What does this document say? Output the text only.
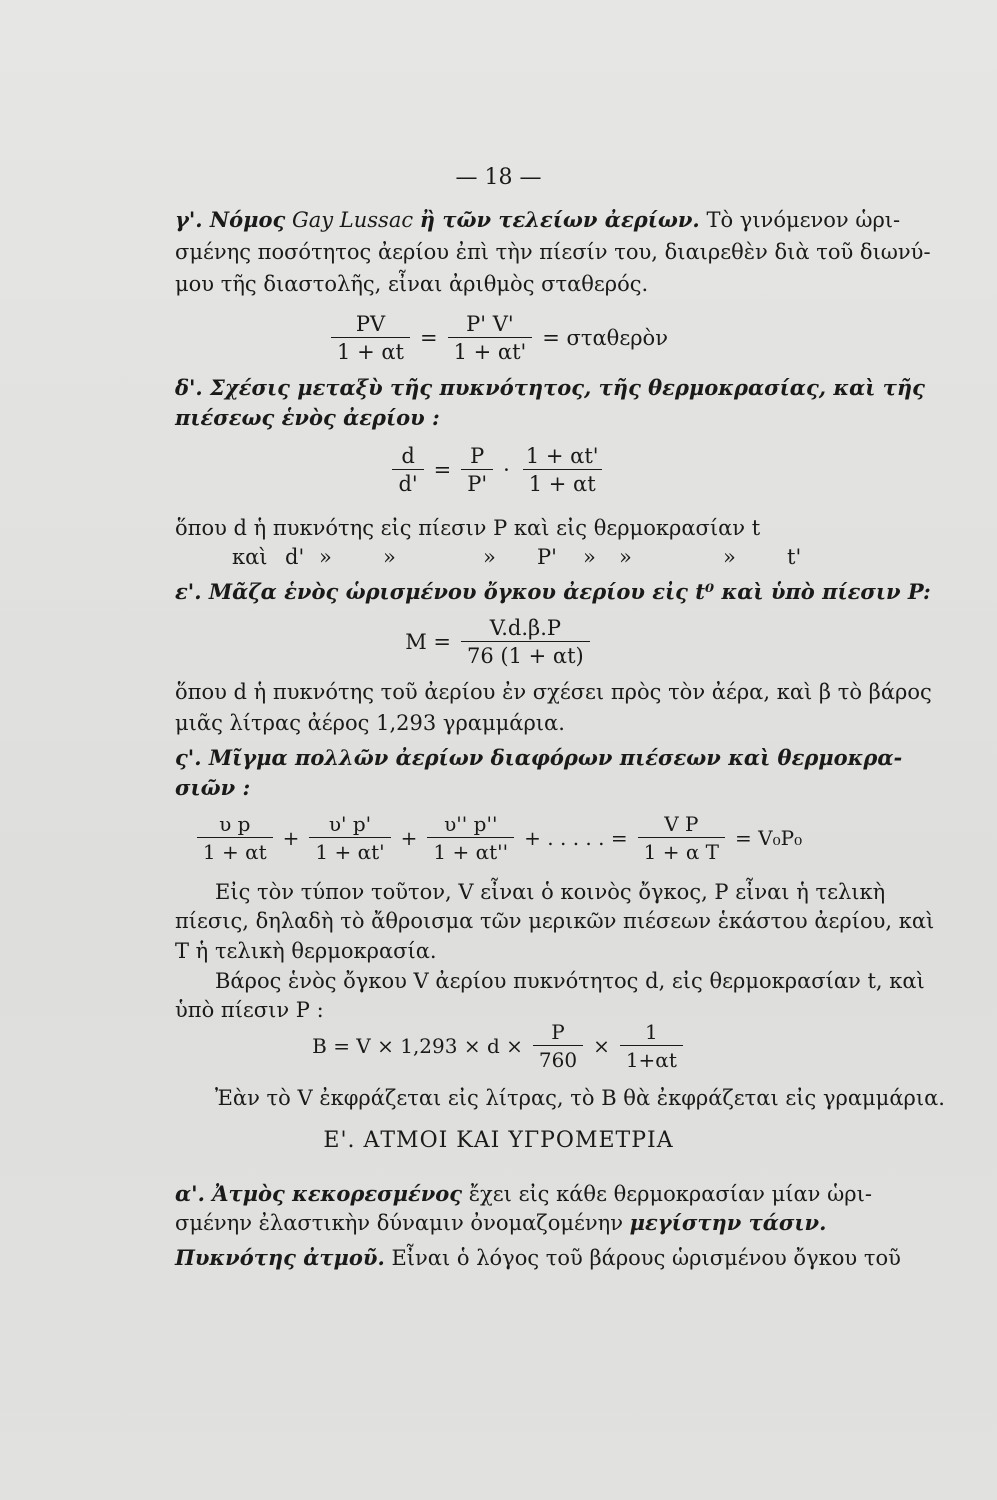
— 18 —
γ'. Νόμος Gay Lussac ἢ τῶν τελείων ἀερίων. Τὸ γινόμενον ὡρι-
σμένης ποσότητος ἀερίου ἐπὶ τὴν πίεσίν του, διαιρεθὲν διὰ τοῦ διωνύ-
μου τῆς διαστολῆς, εἶναι ἀριθμὸς σταθερός.
$\frac{PV}{1 + \alpha t} = \frac{P' V'}{1 + \alpha t'}$ = σταθερὸν
δ'. Σχέσις μεταξὺ τῆς πυκνότητος, τῆς θερμοκρασίας, καὶ τῆς
πιέσεως ἑνὸς ἀερίου :
$\frac{d}{d'} = \frac{P}{P'} \cdot \frac{1 + \alpha t'}{1 + \alpha t}$
ὅπου d ἡ πυκνότης εἰς πίεσιν P καὶ εἰς θερμοκρασίαν t
καὶ d' » »	» P' » »	» t'
ε'. Μᾶζα ἑνὸς ὡρισμένου ὄγκου ἀερίου εἰς t⁰ καὶ ὑπὸ πίεσιν P:
$M = \frac{V.d.\beta.P}{76 (1 + \alpha t)}$
ὅπου d ἡ πυκνότης τοῦ ἀερίου ἐν σχέσει πρὸς τὸν ἀέρα, καὶ β τὸ βάρος
μιᾶς λίτρας ἀέρος 1,293 γραμμάρια.
ς'. Μῖγμα πολλῶν ἀερίων διαφόρων πιέσεων καὶ θερμοκρα-
σιῶν :
$\frac{\text{υ p}}{1 + \alpha t} + \frac{\upsilon' p'}{1 + \alpha t'} + \frac{\upsilon'' p''}{1 + \alpha t''}$ + . . . . . = $\frac{\text{V P}}{\text{1 + α T}} = V_0P_0$
Εἰς τὸν τύπον τοῦτον, V εἶναι ὁ κοινὸς ὄγκος, P εἶναι ἡ τελικὴ
πίεσις, δηλαδὴ τὸ ἄθροισμα τῶν μερικῶν πιέσεων ἑκάστου ἀερίου, καὶ
T ἡ τελικὴ θερμοκρασία.
Βάρος ἑνὸς ὄγκου V ἀερίου πυκνότητος d, εἰς θερμοκρασίαν t, καὶ
ὑπὸ πίεσιν P :
$B = V \times 1,293 \times d \times \frac{P}{760} \times \frac{1}{1+\alpha t}$
Ἐὰν τὸ V ἐκφράζεται εἰς λίτρας, τὸ B θὰ ἐκφράζεται εἰς γραμμάρια.
Ε'. ΑΤΜΟΙ ΚΑΙ ΥΓΡΟΜΕΤΡΙΑ
α'. Ἀτμὸς κεκορεσμένος ἔχει εἰς κάθε θερμοκρασίαν μίαν ὡρι-
σμένην ἐλαστικὴν δύναμιν ὀνομαζομένην μεγίστην τάσιν.
Πυκνότης ἀτμοῦ. Εἶναι ὁ λόγος τοῦ βάρους ὡρισμένου ὄγκου τοῦ
